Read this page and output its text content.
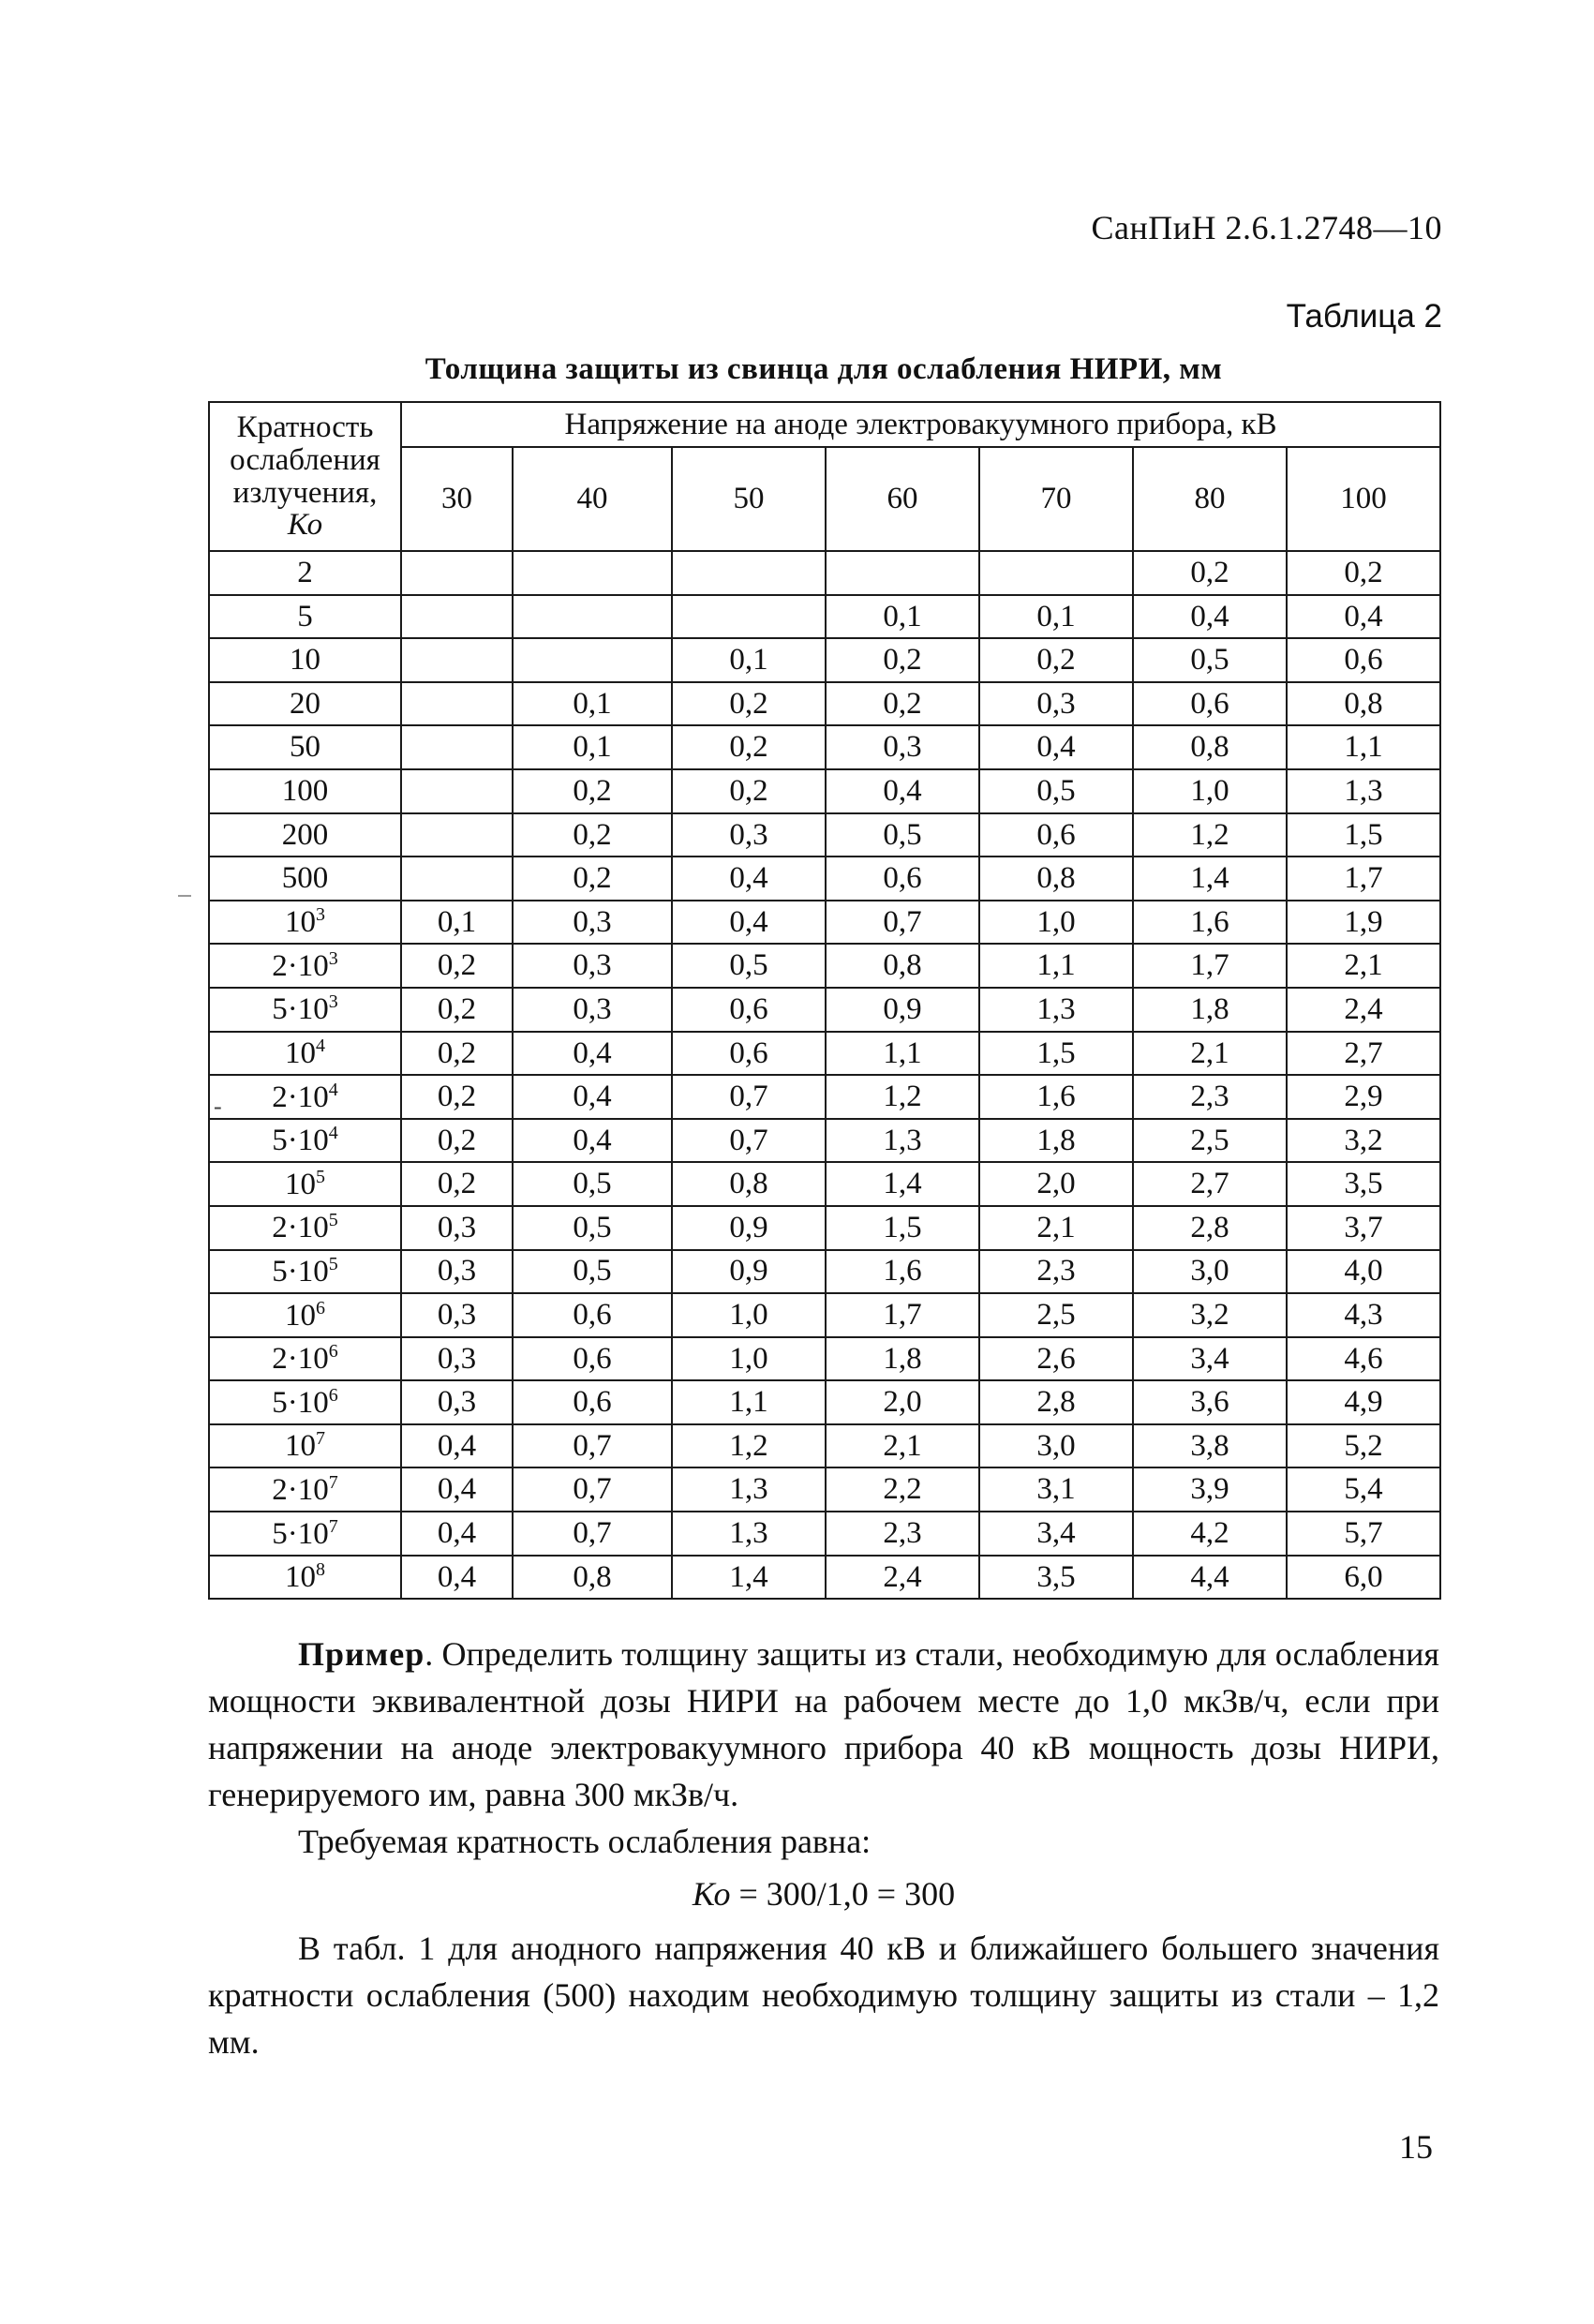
СанПиН 2.6.1.2748—10
Таблица 2
Толщина защиты из свинца для ослабления НИРИ, мм
Кратность
ослабления
излучения,
Ко	Напряжение на аноде электровакуумного прибора, кВ						
	30	40	50	60	70	80	100
2						0,2	0,2
5				0,1	0,1	0,4	0,4
10			0,1	0,2	0,2	0,5	0,6
20		0,1	0,2	0,2	0,3	0,6	0,8
50		0,1	0,2	0,3	0,4	0,8	1,1
100		0,2	0,2	0,4	0,5	1,0	1,3
200		0,2	0,3	0,5	0,6	1,2	1,5
500		0,2	0,4	0,6	0,8	1,4	1,7
$10^3$	0,1	0,3	0,4	0,7	1,0	1,6	1,9
$2\cdot 10^3$	0,2	0,3	0,5	0,8	1,1	1,7	2,1
$5\cdot 10^3$	0,2	0,3	0,6	0,9	1,3	1,8	2,4
$10^4$	0,2	0,4	0,6	1,1	1,5	2,1	2,7
$2\cdot 10^4$	0,2	0,4	0,7	1,2	1,6	2,3	2,9
$5\cdot 10^4$	0,2	0,4	0,7	1,3	1,8	2,5	3,2
$10^5$	0,2	0,5	0,8	1,4	2,0	2,7	3,5
$2\cdot 10^5$	0,3	0,5	0,9	1,5	2,1	2,8	3,7
$5\cdot 10^5$	0,3	0,5	0,9	1,6	2,3	3,0	4,0
$10^6$	0,3	0,6	1,0	1,7	2,5	3,2	4,3
$2\cdot 10^6$	0,3	0,6	1,0	1,8	2,6	3,4	4,6
$5\cdot 10^6$	0,3	0,6	1,1	2,0	2,8	3,6	4,9
$10^7$	0,4	0,7	1,2	2,1	3,0	3,8	5,2
$2\cdot 10^7$	0,4	0,7	1,3	2,2	3,1	3,9	5,4
$5\cdot 10^7$	0,4	0,7	1,3	2,3	3,4	4,2	5,7
$10^8$	0,4	0,8	1,4	2,4	3,5	4,4	6,0
-

Пример. Определить толщину защиты из стали, необходимую для ослабления мощности эквивалентной дозы НИРИ на рабочем месте до 1,0 мкЗв/ч, если при напряжении на аноде электровакуумного прибора 40 кВ мощность дозы НИРИ, генерируемого им, равна 300 мкЗв/ч.

Требуемая кратность ослабления равна:

Ко = 300/1,0 = 300

В табл. 1 для анодного напряжения 40 кВ и ближайшего большего значения кратности ослабления (500) находим необходимую толщину защиты из стали – 1,2 мм.

15
